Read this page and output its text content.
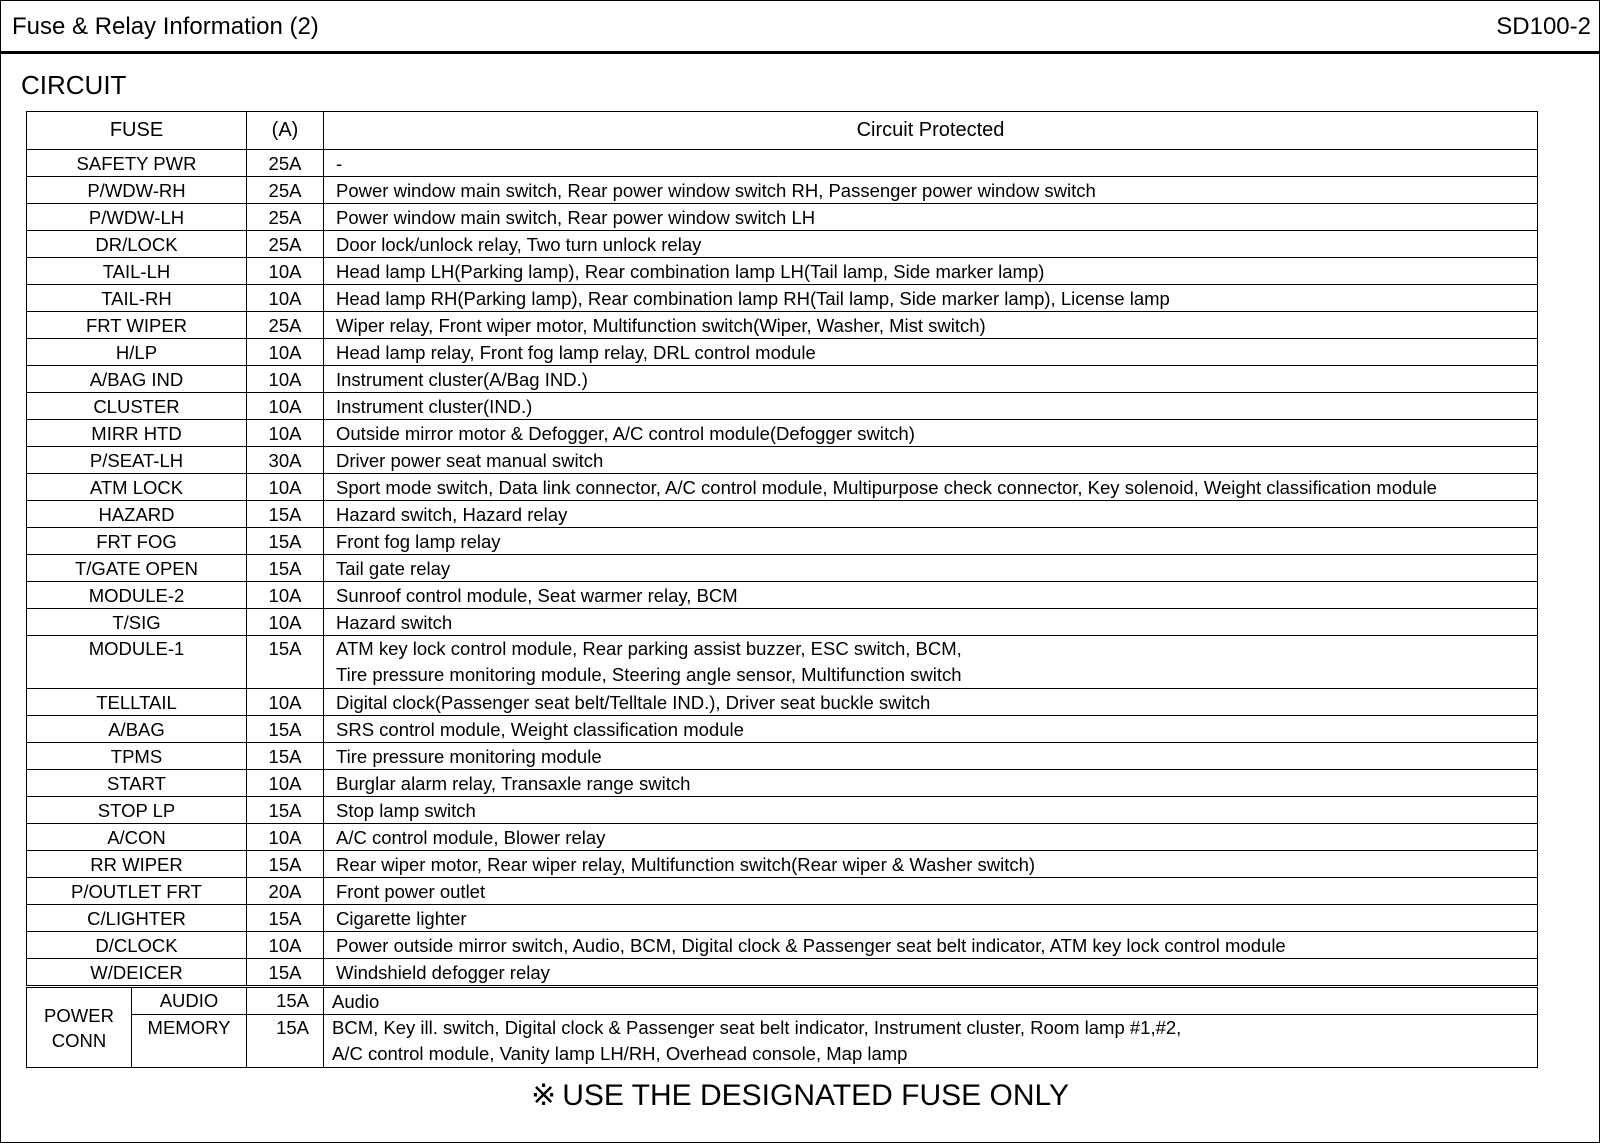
Fuse & Relay Information (2)	SD100-2
CIRCUIT
FUSE		(A)	Circuit Protected
SAFETY PWR		25A	-
P/WDW-RH		25A	Power window main switch, Rear power window switch RH, Passenger power window switch
P/WDW-LH		25A	Power window main switch, Rear power window switch LH
DR/LOCK		25A	Door lock/unlock relay, Two turn unlock relay
TAIL-LH		10A	Head lamp LH(Parking lamp), Rear combination lamp LH(Tail lamp, Side marker lamp)
TAIL-RH		10A	Head lamp RH(Parking lamp), Rear combination lamp RH(Tail lamp, Side marker lamp), License lamp
FRT WIPER		25A	Wiper relay, Front wiper motor, Multifunction switch(Wiper, Washer, Mist switch)
H/LP		10A	Head lamp relay, Front fog lamp relay, DRL control module
A/BAG IND		10A	Instrument cluster(A/Bag IND.)
CLUSTER		10A	Instrument cluster(IND.)
MIRR HTD		10A	Outside mirror motor & Defogger, A/C control module(Defogger switch)
P/SEAT-LH		30A	Driver power seat manual switch
ATM LOCK		10A	Sport mode switch, Data link connector, A/C control module, Multipurpose check connector, Key solenoid, Weight classification module
HAZARD		15A	Hazard switch, Hazard relay
FRT FOG		15A	Front fog lamp relay
T/GATE OPEN		15A	Tail gate relay
MODULE-2		10A	Sunroof control module, Seat warmer relay, BCM
T/SIG		10A	Hazard switch

MODULE-1		15A	ATM key lock control module, Rear parking assist buzzer, ESC switch, BCM,
Tire pressure monitoring module, Steering angle sensor, Multifunction switch

TELLTAIL		10A	Digital clock(Passenger seat belt/Telltale IND.), Driver seat buckle switch
A/BAG		15A	SRS control module, Weight classification module
TPMS		15A	Tire pressure monitoring module
START		10A	Burglar alarm relay, Transaxle range switch
STOP LP		15A	Stop lamp switch
A/CON		10A	A/C control module, Blower relay
RR WIPER		15A	Rear wiper motor, Rear wiper relay, Multifunction switch(Rear wiper & Washer switch)
P/OUTLET FRT		20A	Front power outlet
C/LIGHTER		15A	Cigarette lighter
D/CLOCK		10A	Power outside mirror switch, Audio, BCM, Digital clock & Passenger seat belt indicator, ATM key lock control module
W/DEICER		15A	Windshield defogger relay

POWER
CONN	AUDIO	15A	Audio

	MEMORY	15A	BCM, Key ill. switch, Digital clock & Passenger seat belt indicator, Instrument cluster, Room lamp #1,#2,
A/C control module, Vanity lamp LH/RH, Overhead console, Map lamp
※ USE THE DESIGNATED FUSE ONLY
